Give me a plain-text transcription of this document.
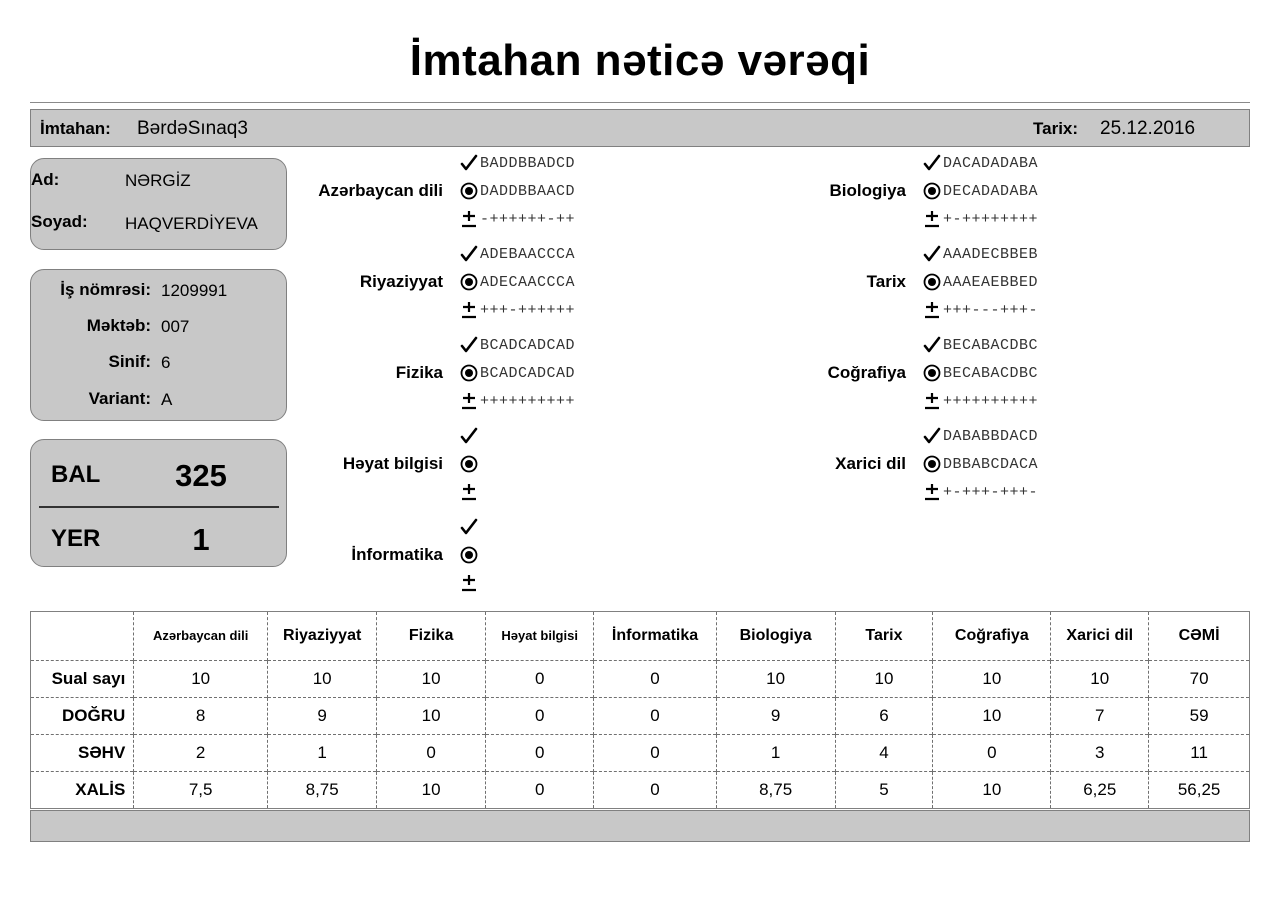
İmtahan nəticə vərəqi
İmtahan: BərdəSınaq3	Tarix: 25.12.2016
Ad:	NƏRGİZ
Soyad: HAQVERDİYEVA
İş nömrəsi: 1209991
Məktəb: 007
Sinif: 6
Variant: A
BAL	325
YER	1
Azərbaycan dili
BADDBBADCD
DADDBBAACD
-++++++-++
Riyaziyyat
ADEBAACCCA
ADECAACCCA
+++-++++++
Fizika
BCADCADCAD
BCADCADCAD
++++++++++
Həyat bilgisi
İnformatika
Biologiya
DACADADABA
DECADADABA
+-++++++++
Tarix
AAADECBBEB
AAAEAEBBED
+++---+++-
Coğrafiya
BECABACDBC
BECABACDBC
++++++++++
Xarici dil
DABABBDACD
DBBABCDACA
+-+++-+++-
	Azərbaycan dili	Riyaziyyat	Fizika	Həyat bilgisi	İnformatika	Biologiya	Tarix	Coğrafiya	Xarici dil	CƏMİ
Sual sayı	10	10	10	0	0	10	10	10	10	70
DOĞRU	8	9	10	0	0	9	6	10	7	59
SƏHV	2	1	0	0	0	1	4	0	3	11
XALİS	7,5	8,75	10	0	0	8,75	5	10	6,25	56,25
